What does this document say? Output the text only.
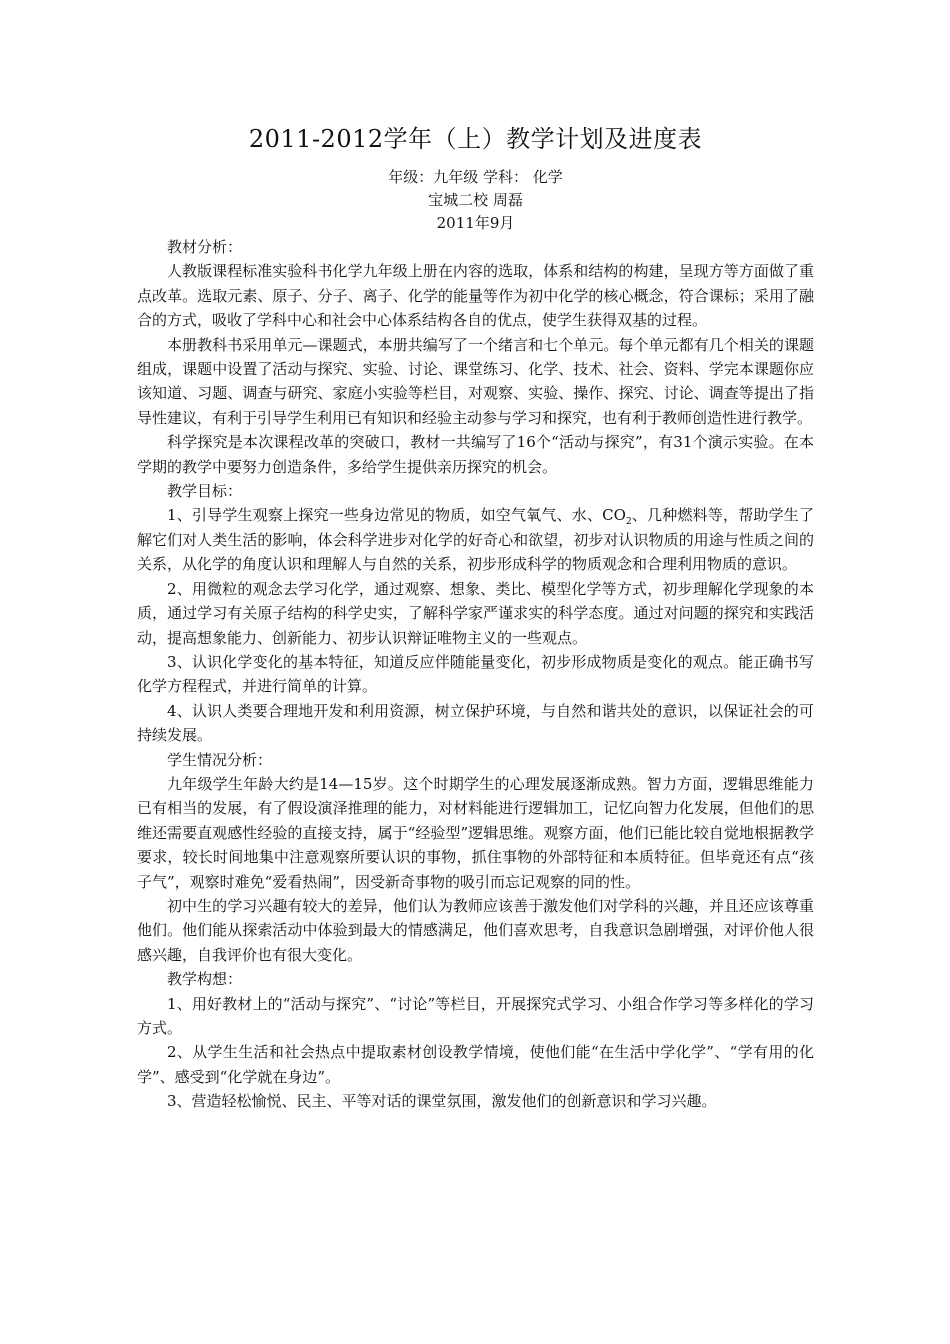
2011-2012学年（上）教学计划及进度表
年级：九年级 学科： 化学
宝城二校 周磊
2011年9月

教材分析：

人教版课程标准实验科书化学九年级上册在内容的选取，体系和结构的构建，呈现方等方面做了重点改革。选取元素、原子、分子、离子、化学的能量等作为初中化学的核心概念，符合课标；采用了融合的方式，吸收了学科中心和社会中心体系结构各自的优点，使学生获得双基的过程。

本册教科书采用单元—课题式，本册共编写了一个绪言和七个单元。每个单元都有几个相关的课题组成，课题中设置了活动与探究、实验、讨论、课堂练习、化学、技术、社会、资料、学完本课题你应该知道、习题、调查与研究、家庭小实验等栏目，对观察、实验、操作、探究、讨论、调查等提出了指导性建议，有利于引导学生利用已有知识和经验主动参与学习和探究，也有利于教师创造性进行教学。

科学探究是本次课程改革的突破口，教材一共编写了16个“活动与探究”，有31个演示实验。在本学期的教学中要努力创造条件，多给学生提供亲历探究的机会。

教学目标：

1、引导学生观察上探究一些身边常见的物质，如空气氧气、水、$CO_2$、几种燃料等，帮助学生了解它们对人类生活的影响，体会科学进步对化学的好奇心和欲望，初步对认识物质的用途与性质之间的关系，从化学的角度认识和理解人与自然的关系，初步形成科学的物质观念和合理利用物质的意识。

2、用微粒的观念去学习化学，通过观察、想象、类比、模型化学等方式，初步理解化学现象的本质，通过学习有关原子结构的科学史实，了解科学家严谨求实的科学态度。通过对问题的探究和实践活动，提高想象能力、创新能力、初步认识辩证唯物主义的一些观点。

3、认识化学变化的基本特征，知道反应伴随能量变化，初步形成物质是变化的观点。能正确书写化学方程程式，并进行简单的计算。

4、认识人类要合理地开发和利用资源，树立保护环境，与自然和谐共处的意识，以保证社会的可持续发展。

学生情况分析：

九年级学生年龄大约是14—15岁。这个时期学生的心理发展逐渐成熟。智力方面，逻辑思维能力已有相当的发展，有了假设演泽推理的能力，对材料能进行逻辑加工，记忆向智力化发展，但他们的思维还需要直观感性经验的直接支持，属于“经验型”逻辑思维。观察方面，他们已能比较自觉地根据教学要求，较长时间地集中注意观察所要认识的事物，抓住事物的外部特征和本质特征。但毕竟还有点“孩子气”，观察时难免“爱看热闹”，因受新奇事物的吸引而忘记观察的同的性。

初中生的学习兴趣有较大的差异，他们认为教师应该善于激发他们对学科的兴趣，并且还应该尊重他们。他们能从探索活动中体验到最大的情感满足，他们喜欢思考，自我意识急剧增强，对评价他人很感兴趣，自我评价也有很大变化。

教学构想：

1、用好教材上的“活动与探究”、“讨论”等栏目，开展探究式学习、小组合作学习等多样化的学习方式。

2、从学生生活和社会热点中提取素材创设教学情境，使他们能“在生活中学化学”、“学有用的化学”、感受到“化学就在身边”。

3、营造轻松愉悦、民主、平等对话的课堂氛围，激发他们的创新意识和学习兴趣。
